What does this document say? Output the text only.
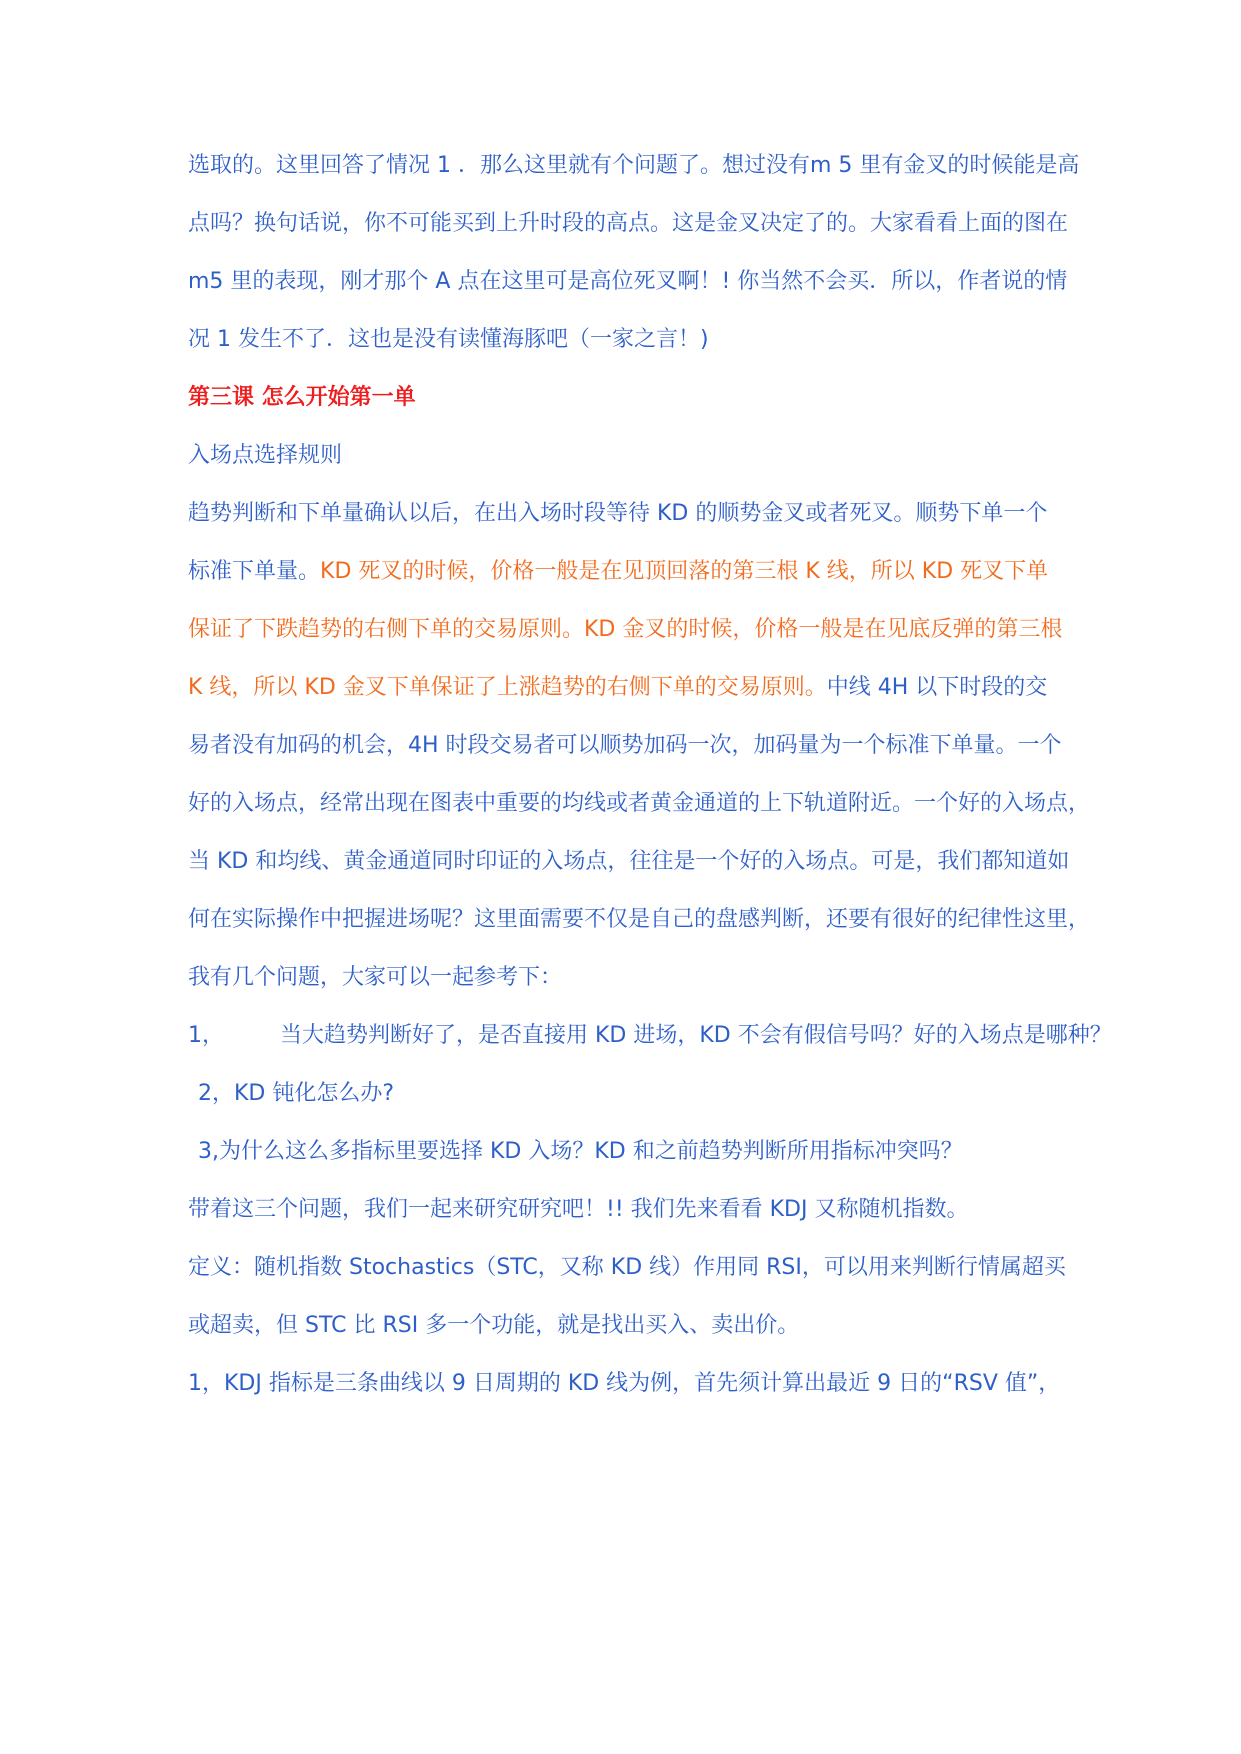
选取的。这里回答了情况 1 ．那么这里就有个问题了。想过没有m 5 里有金叉的时候能是高
点吗？换句话说，你不可能买到上升时段的高点。这是金叉决定了的。大家看看上面的图在
m5 里的表现，刚才那个 A 点在这里可是高位死叉啊！! 你当然不会买．所以，作者说的情
况 1 发生不了．这也是没有读懂海豚吧（一家之言！)
第三课 怎么开始第一单
入场点选择规则
趋势判断和下单量确认以后，在出入场时段等待 KD 的顺势金叉或者死叉。顺势下单一个
标准下单量。KD 死叉的时候，价格一般是在见顶回落的第三根 K 线，所以 KD 死叉下单
保证了下跌趋势的右侧下单的交易原则。KD 金叉的时候，价格一般是在见底反弹的第三根
K 线，所以 KD 金叉下单保证了上涨趋势的右侧下单的交易原则。中线 4H 以下时段的交
易者没有加码的机会，4H 时段交易者可以顺势加码一次，加码量为一个标准下单量。一个
好的入场点，经常出现在图表中重要的均线或者黄金通道的上下轨道附近。一个好的入场点，
当 KD 和均线、黄金通道同时印证的入场点，往往是一个好的入场点。可是，我们都知道如
何在实际操作中把握进场呢？这里面需要不仅是自己的盘感判断，还要有很好的纪律性这里，
我有几个问题，大家可以一起参考下：
1，	当大趋势判断好了，是否直接用 KD 进场，KD 不会有假信号吗？好的入场点是哪种？
2，KD 钝化怎么办?
3,为什么这么多指标里要选择 KD 入场？KD 和之前趋势判断所用指标冲突吗？
带着这三个问题，我们一起来研究研究吧！!! 我们先来看看 KDJ 又称随机指数。
定义：随机指数 Stochastics（STC，又称 KD 线）作用同 RSI，可以用来判断行情属超买
或超卖，但 STC 比 RSI 多一个功能，就是找出买入、卖出价。
1，KDJ 指标是三条曲线以 9 日周期的 KD 线为例，首先须计算出最近 9 日的“RSV 值”，
